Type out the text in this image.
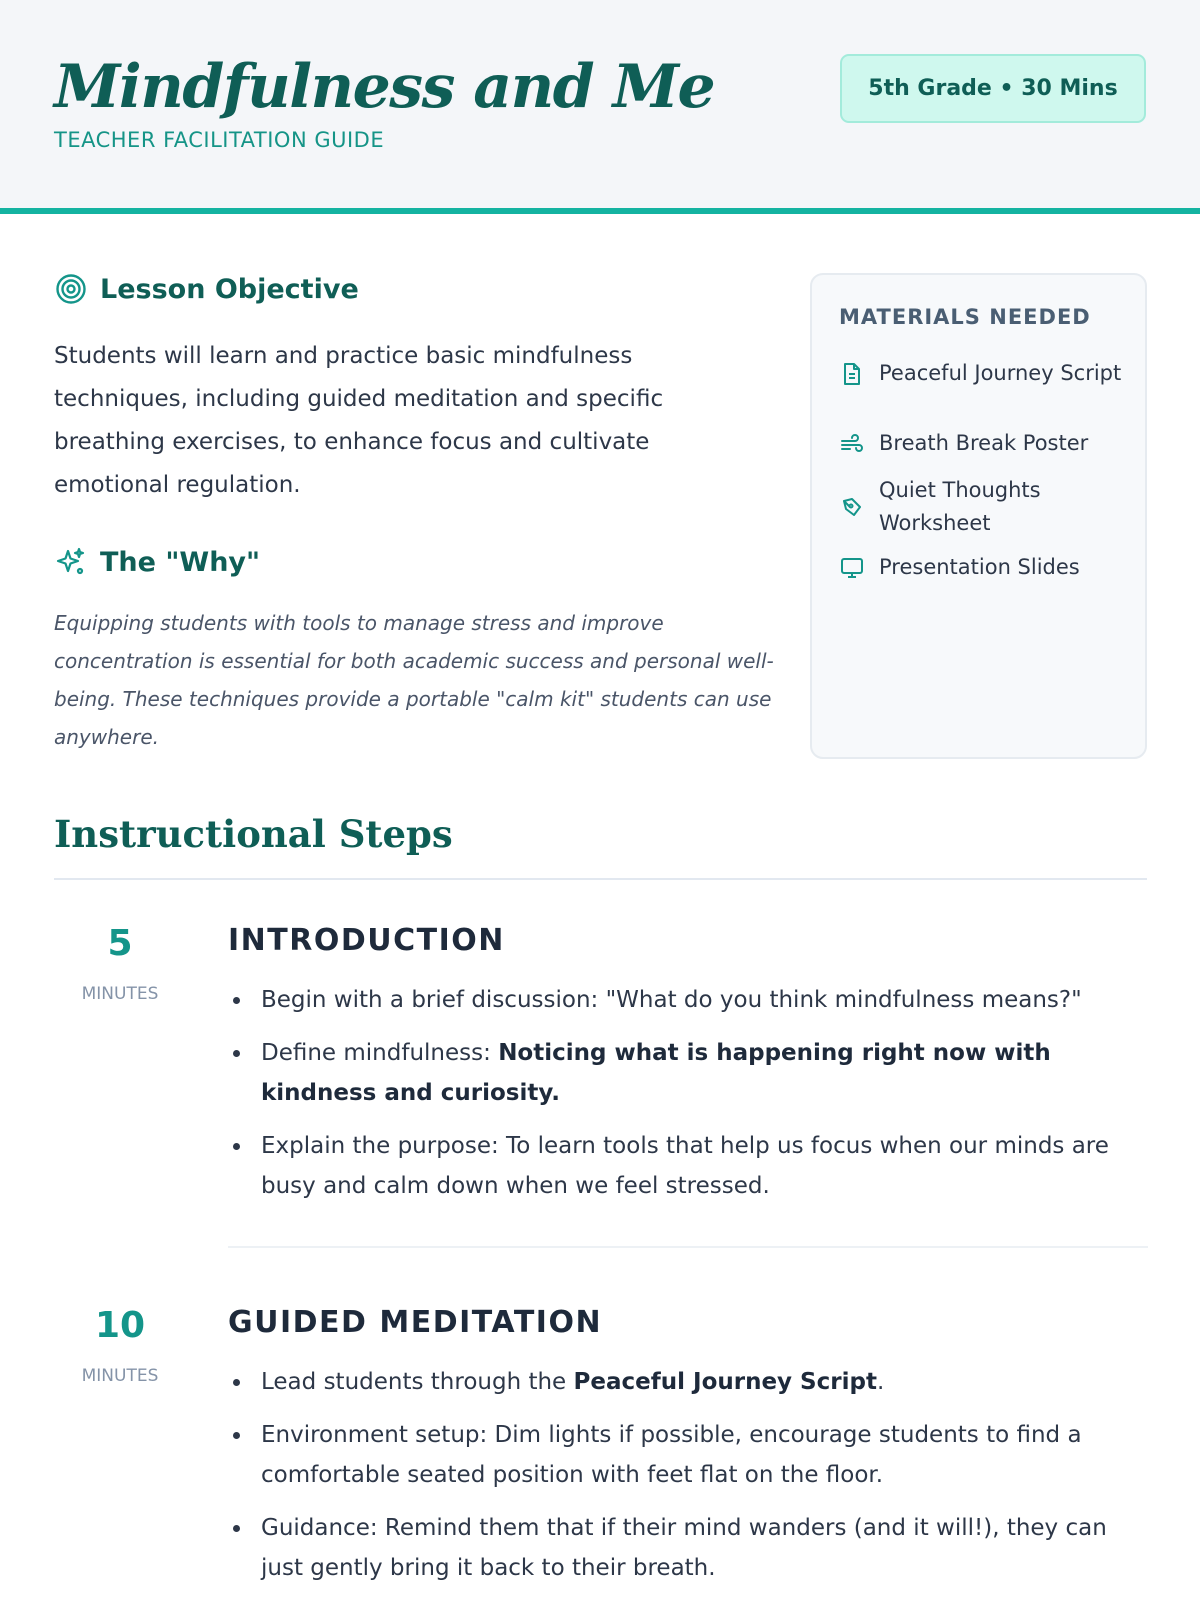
Mindfulness and Me
TEACHER FACILITATION GUIDE
5th Grade • 30 Mins
Lesson Objective
Students will learn and practice basic mindfulness techniques, including guided meditation and specific breathing exercises, to enhance focus and cultivate emotional regulation.
The "Why"
Equipping students with tools to manage stress and improve concentration is essential for both academic success and personal well-being. These techniques provide a portable "calm kit" students can use anywhere.
MATERIALS NEEDED
Peaceful Journey Script
Breath Break Poster
Quiet Thoughts Worksheet
Presentation Slides
Instructional Steps
5
MINUTES
INTRODUCTION
Begin with a brief discussion: "What do you think mindfulness means?"
Define mindfulness: Noticing what is happening right now with kindness and curiosity.
Explain the purpose: To learn tools that help us focus when our minds are busy and calm down when we feel stressed.
10
MINUTES
GUIDED MEDITATION
Lead students through the Peaceful Journey Script.
Environment setup: Dim lights if possible, encourage students to find a comfortable seated position with feet flat on the floor.
Guidance: Remind them that if their mind wanders (and it will!), they can just gently bring it back to their breath.
